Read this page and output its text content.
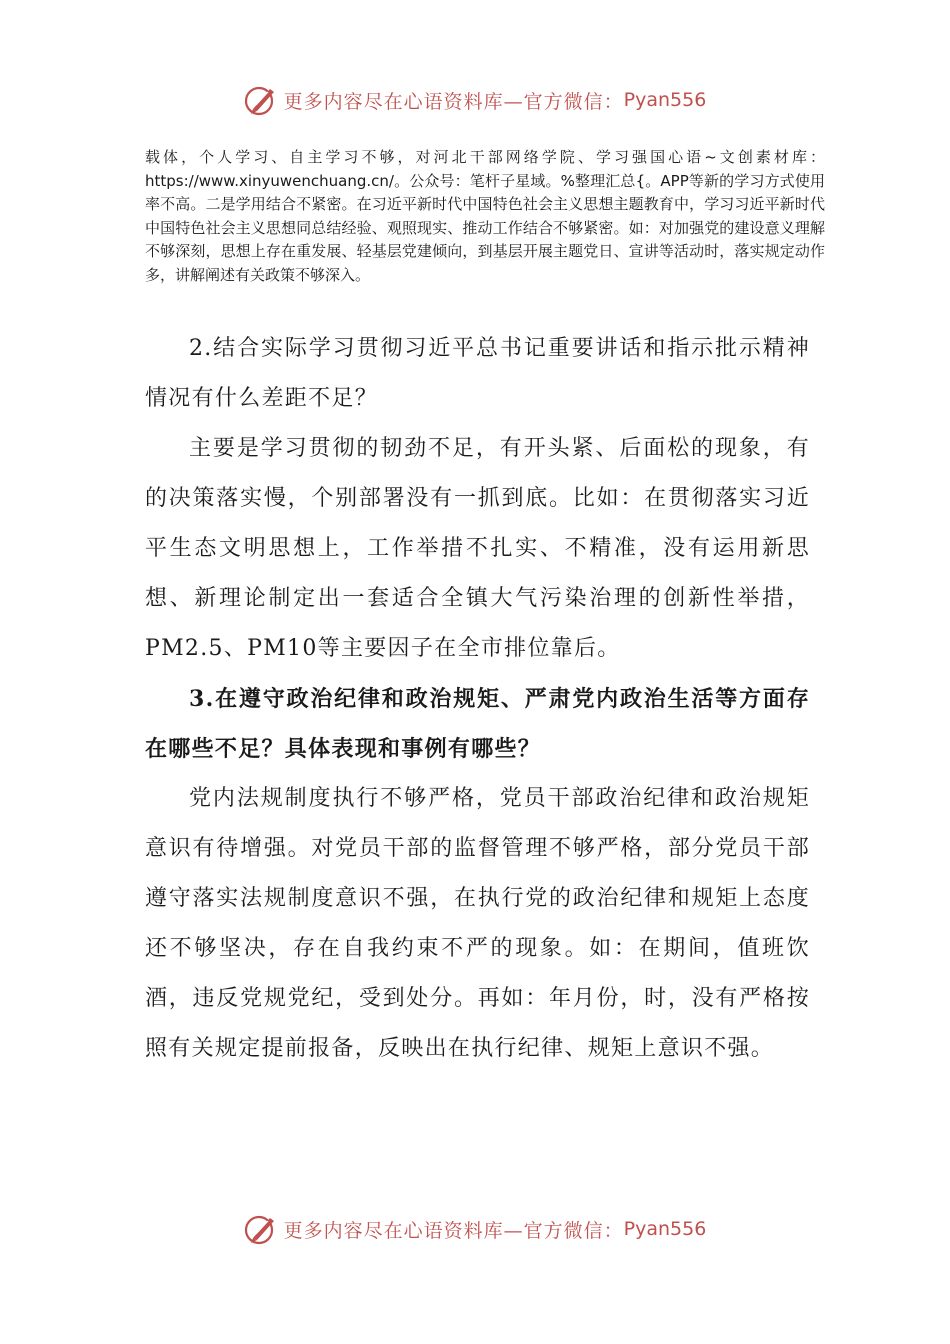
更多内容尽在心语资料库—官方微信： Pyan556

载体，个人学习、自主学习不够，对河北干部网络学院、学习强国心语~文创素材库：https://www.xinyuwenchuang.cn/。公众号：笔杆子星域。%整理汇总{。APP等新的学习方式使用率不高。二是学用结合不紧密。在习近平新时代中国特色社会主义思想主题教育中，学习习近平新时代中国特色社会主义思想同总结经验、观照现实、推动工作结合不够紧密。如：对加强党的建设意义理解不够深刻，思想上存在重发展、轻基层党建倾向，到基层开展主题党日、宣讲等活动时，落实规定动作多，讲解阐述有关政策不够深入。

2.结合实际学习贯彻习近平总书记重要讲话和指示批示精神情况有什么差距不足？

主要是学习贯彻的韧劲不足，有开头紧、后面松的现象，有的决策落实慢，个别部署没有一抓到底。比如：在贯彻落实习近平生态文明思想上，工作举措不扎实、不精准，没有运用新思想、新理论制定出一套适合全镇大气污染治理的创新性举措，PM2.5、PM10等主要因子在全市排位靠后。

3.在遵守政治纪律和政治规矩、严肃党内政治生活等方面存在哪些不足？具体表现和事例有哪些？

党内法规制度执行不够严格，党员干部政治纪律和政治规矩意识有待增强。对党员干部的监督管理不够严格，部分党员干部遵守落实法规制度意识不强，在执行党的政治纪律和规矩上态度还不够坚决，存在自我约束不严的现象。如：在期间，值班饮酒，违反党规党纪，受到处分。再如：年月份，时，没有严格按照有关规定提前报备，反映出在执行纪律、规矩上意识不强。

更多内容尽在心语资料库—官方微信： Pyan556
